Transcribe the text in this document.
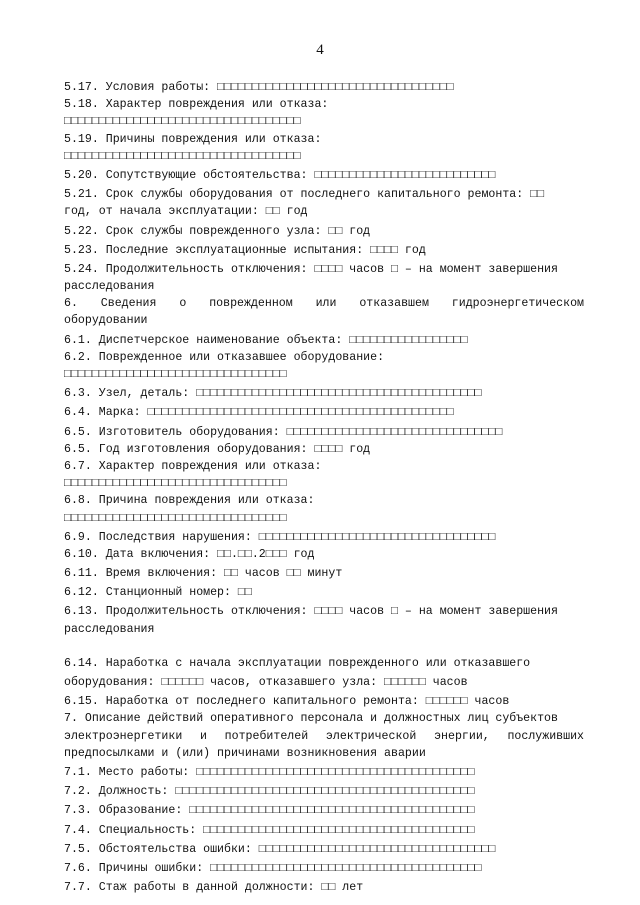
4
5.17. Условия работы: □□□□□□□□□□□□□□□□□□□□□□□□□□□□□□□□□□
5.18. Характер повреждения или отказа:
□□□□□□□□□□□□□□□□□□□□□□□□□□□□□□□□□□
5.19. Причины повреждения или отказа:
□□□□□□□□□□□□□□□□□□□□□□□□□□□□□□□□□□
5.20. Сопутствующие обстоятельства: □□□□□□□□□□□□□□□□□□□□□□□□□□
5.21. Срок службы оборудования от последнего капитального ремонта: □□
год, от начала эксплуатации: □□ год
5.22. Срок службы поврежденного узла: □□ год
5.23. Последние эксплуатационные испытания: □□□□ год
5.24. Продолжительность отключения: □□□□ часов □ – на момент завершения
расследования
6. Сведения о поврежденном или отказавшем гидроэнергетическом
оборудовании
6.1. Диспетчерское наименование объекта: □□□□□□□□□□□□□□□□□
6.2. Поврежденное или отказавшее оборудование:
□□□□□□□□□□□□□□□□□□□□□□□□□□□□□□□□
6.3. Узел, деталь: □□□□□□□□□□□□□□□□□□□□□□□□□□□□□□□□□□□□□□□□□
6.4. Марка: □□□□□□□□□□□□□□□□□□□□□□□□□□□□□□□□□□□□□□□□□□□□
6.5. Изготовитель оборудования: □□□□□□□□□□□□□□□□□□□□□□□□□□□□□□□
6.5. Год изготовления оборудования: □□□□ год
6.7. Характер повреждения или отказа:
□□□□□□□□□□□□□□□□□□□□□□□□□□□□□□□□
6.8. Причина повреждения или отказа:
□□□□□□□□□□□□□□□□□□□□□□□□□□□□□□□□
6.9. Последствия нарушения: □□□□□□□□□□□□□□□□□□□□□□□□□□□□□□□□□□
6.10. Дата включения: □□.□□.2□□□ год
6.11. Время включения: □□ часов □□ минут
6.12. Станционный номер: □□
6.13. Продолжительность отключения: □□□□ часов □ – на момент завершения
расследования
6.14. Наработка с начала эксплуатации поврежденного или отказавшего
оборудования: □□□□□□ часов, отказавшего узла: □□□□□□ часов
6.15. Наработка от последнего капитального ремонта: □□□□□□ часов
7. Описание действий оперативного персонала и должностных лиц субъектов
электроэнергетики и потребителей электрической энергии, послуживших
предпосылками и (или) причинами возникновения аварии
7.1. Место работы: □□□□□□□□□□□□□□□□□□□□□□□□□□□□□□□□□□□□□□□□
7.2. Должность: □□□□□□□□□□□□□□□□□□□□□□□□□□□□□□□□□□□□□□□□□□□
7.3. Образование: □□□□□□□□□□□□□□□□□□□□□□□□□□□□□□□□□□□□□□□□□
7.4. Специальность: □□□□□□□□□□□□□□□□□□□□□□□□□□□□□□□□□□□□□□□
7.5. Обстоятельства ошибки: □□□□□□□□□□□□□□□□□□□□□□□□□□□□□□□□□□
7.6. Причины ошибки: □□□□□□□□□□□□□□□□□□□□□□□□□□□□□□□□□□□□□□□
7.7. Стаж работы в данной должности: □□ лет
